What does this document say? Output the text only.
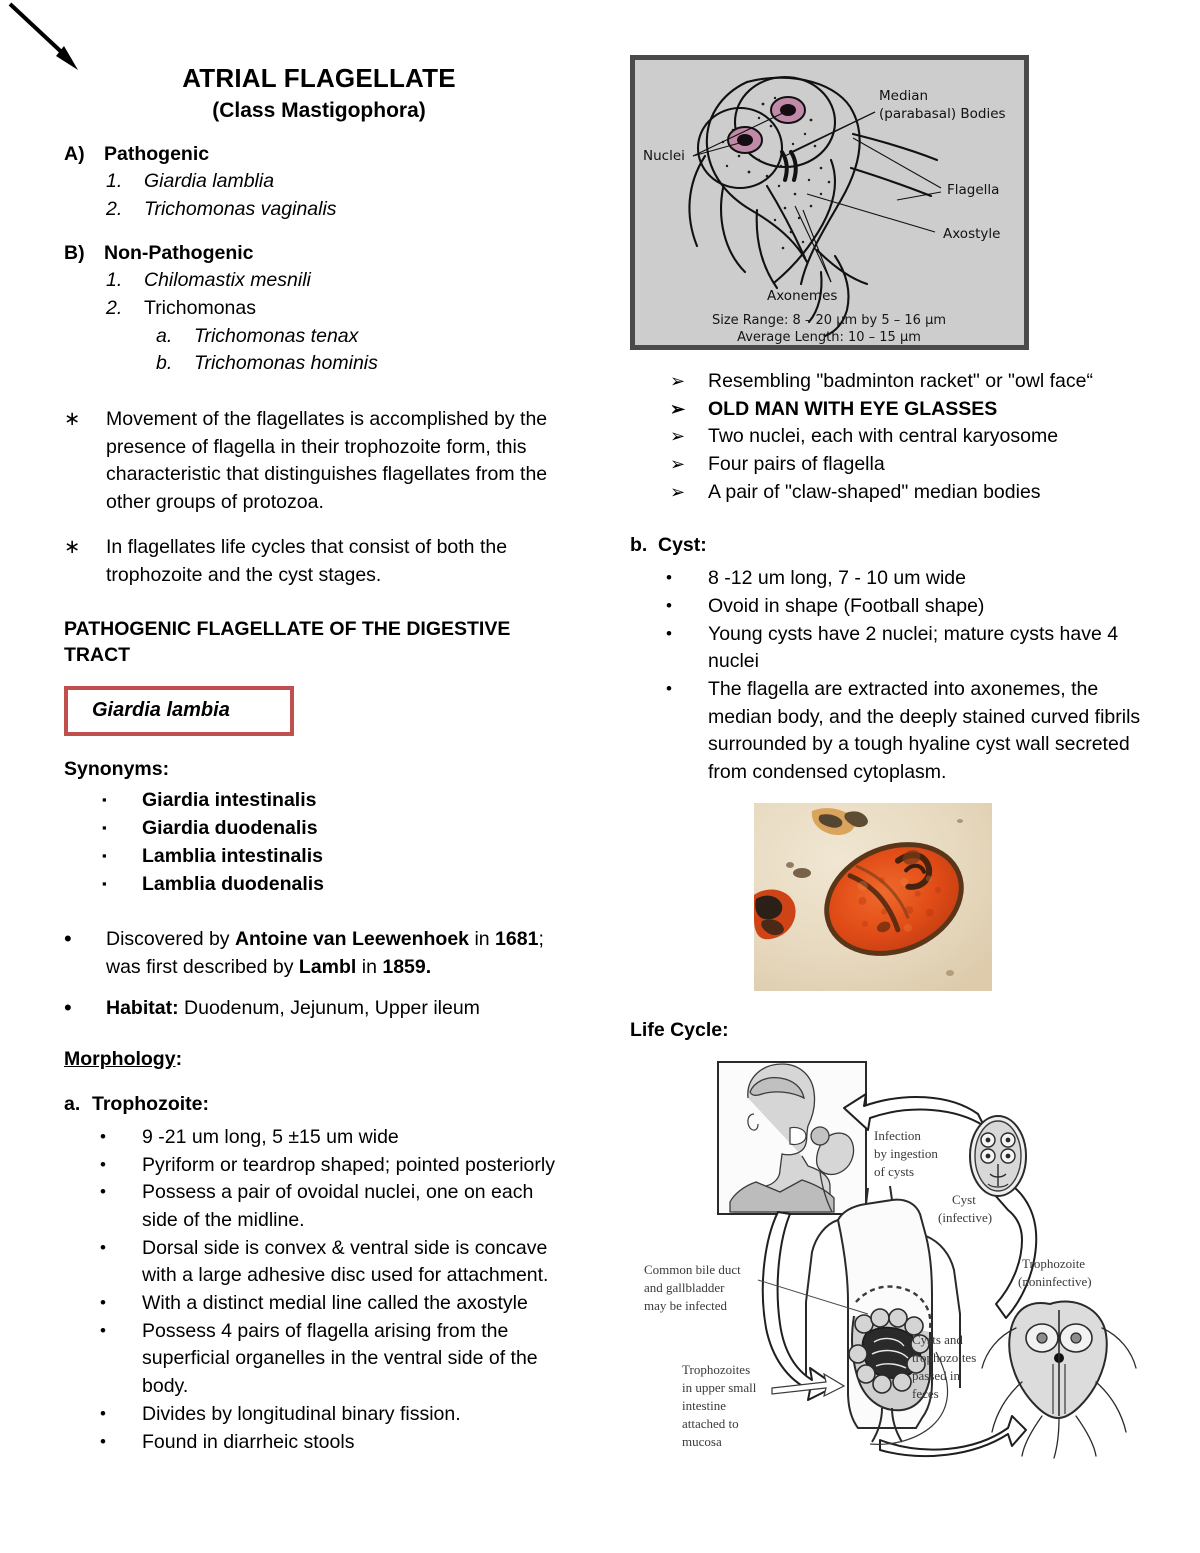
ATRIAL FLAGELLATE
(Class Mastigophora)
A) Pathogenic
1.	Giardia lamblia
2.	Trichomonas vaginalis
B) Non-Pathogenic
1.	Chilomastix mesnili
2.	Trichomonas
a.	Trichomonas tenax
b.	Trichomonas hominis
∗	Movement of the flagellates is accomplished by the presence of flagella in their trophozoite form, this characteristic that distinguishes flagellates from the other groups of protozoa.
∗	In flagellates life cycles that consist of both the trophozoite and the cyst stages.
PATHOGENIC FLAGELLATE OF THE DIGESTIVE TRACT
Giardia lambia
Synonyms:
▪	Giardia intestinalis
▪	Giardia duodenalis
▪	Lamblia intestinalis
▪	Lamblia duodenalis
•	Discovered by Antoine van Leewenhoek in 1681; was first described by Lambl in 1859.
•	Habitat: Duodenum, Jejunum, Upper ileum
Morphology:
a. Trophozoite:
•	9 -21 um long, 5 ±15 um wide
•	Pyriform or teardrop shaped; pointed posteriorly
•	Possess a pair of ovoidal nuclei, one on each side of the midline.
•	Dorsal side is convex & ventral side is concave with a large adhesive disc used for attachment.
•	With a distinct medial line called the axostyle
•	Possess 4 pairs of flagella arising from the superficial organelles in the ventral side of the body.
•	Divides by longitudinal binary fission.
•	Found in diarrheic stools
Nuclei
Median
(parabasal) Bodies
Flagella
Axostyle
Axonemes
Size Range: 8 – 20 µm by 5 – 16 µm
Average Length: 10 – 15 µm
➢	Resembling "badminton racket" or "owl face“
➢	OLD MAN WITH EYE GLASSES
➢	Two nuclei, each with central karyosome
➢	Four pairs of flagella
➢	A pair of "claw-shaped" median bodies
b. Cyst:
•	8 -12 um long, 7 - 10 um wide
•	Ovoid in shape (Football shape)
•	Young cysts have 2 nuclei; mature cysts have 4 nuclei
•	The flagella are extracted into axonemes, the median body, and the deeply stained curved fibrils surrounded by a tough hyaline cyst wall secreted from condensed cytoplasm.
Life Cycle:
Infection
by ingestion
of cysts
Cyst
(infective)
Trophozoite
(noninfective)
Common bile duct
and gallbladder
may be infected
Trophozoites
in upper small
intestine
attached to
mucosa
Cysts and
trophozoites
passed in
feces
